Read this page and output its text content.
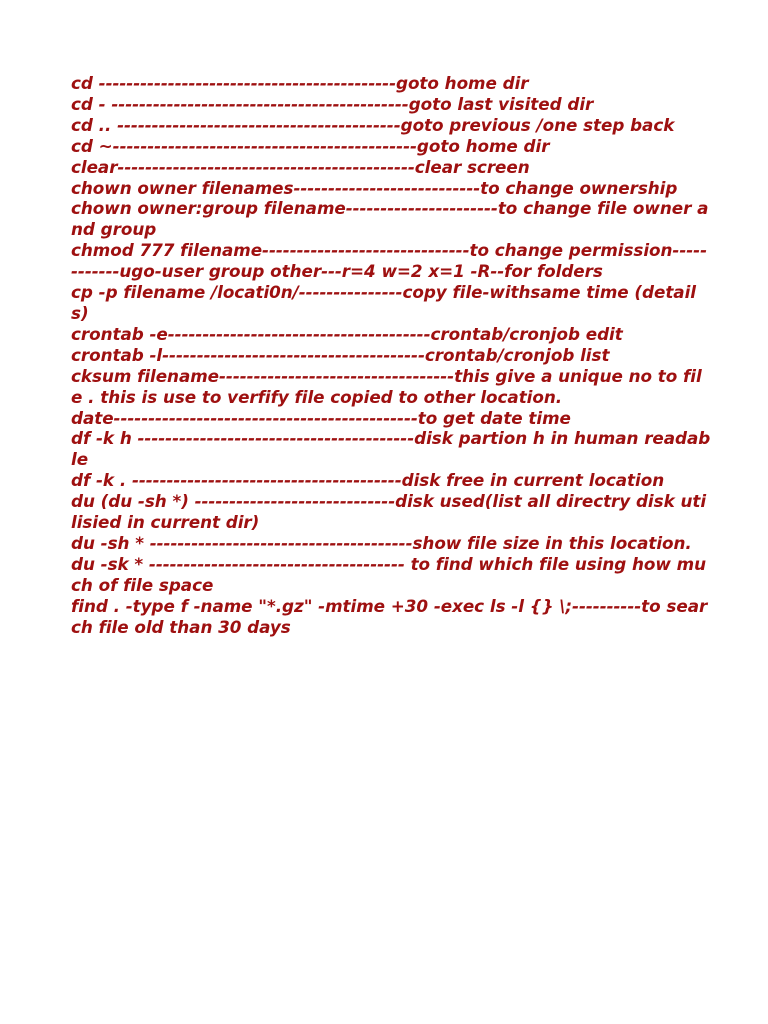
cd -------------------------------------------goto home dir

cd - -------------------------------------------goto last visited dir

cd .. -----------------------------------------goto previous /one step back

cd ~--------------------------------------------goto home dir

clear-------------------------------------------clear screen

chown owner filenames---------------------------to change ownership

chown owner:group filename----------------------to change file owner and group

chmod 777 filename------------------------------to change permission------------ugo-user group other---r=4 w=2 x=1 -R--for folders

cp -p filename /locati0n/---------------copy file-withsame time (details)

crontab -e--------------------------------------crontab/cronjob edit

crontab -l--------------------------------------crontab/cronjob list

cksum filename----------------------------------this give a unique no to file . this is use to verfify file copied to other location.

date--------------------------------------------to get date time

df -k h ----------------------------------------disk partion h in human readable

df -k . ---------------------------------------disk free in current location

du (du -sh *) -----------------------------disk used(list all directry disk utilisied in current dir)

du -sh * --------------------------------------show file size in this location.

du -sk * ------------------------------------- to find which file using how much of file space

find . -type f -name "*.gz" -mtime +30 -exec ls -l {} \;----------to search file old than 30 days
